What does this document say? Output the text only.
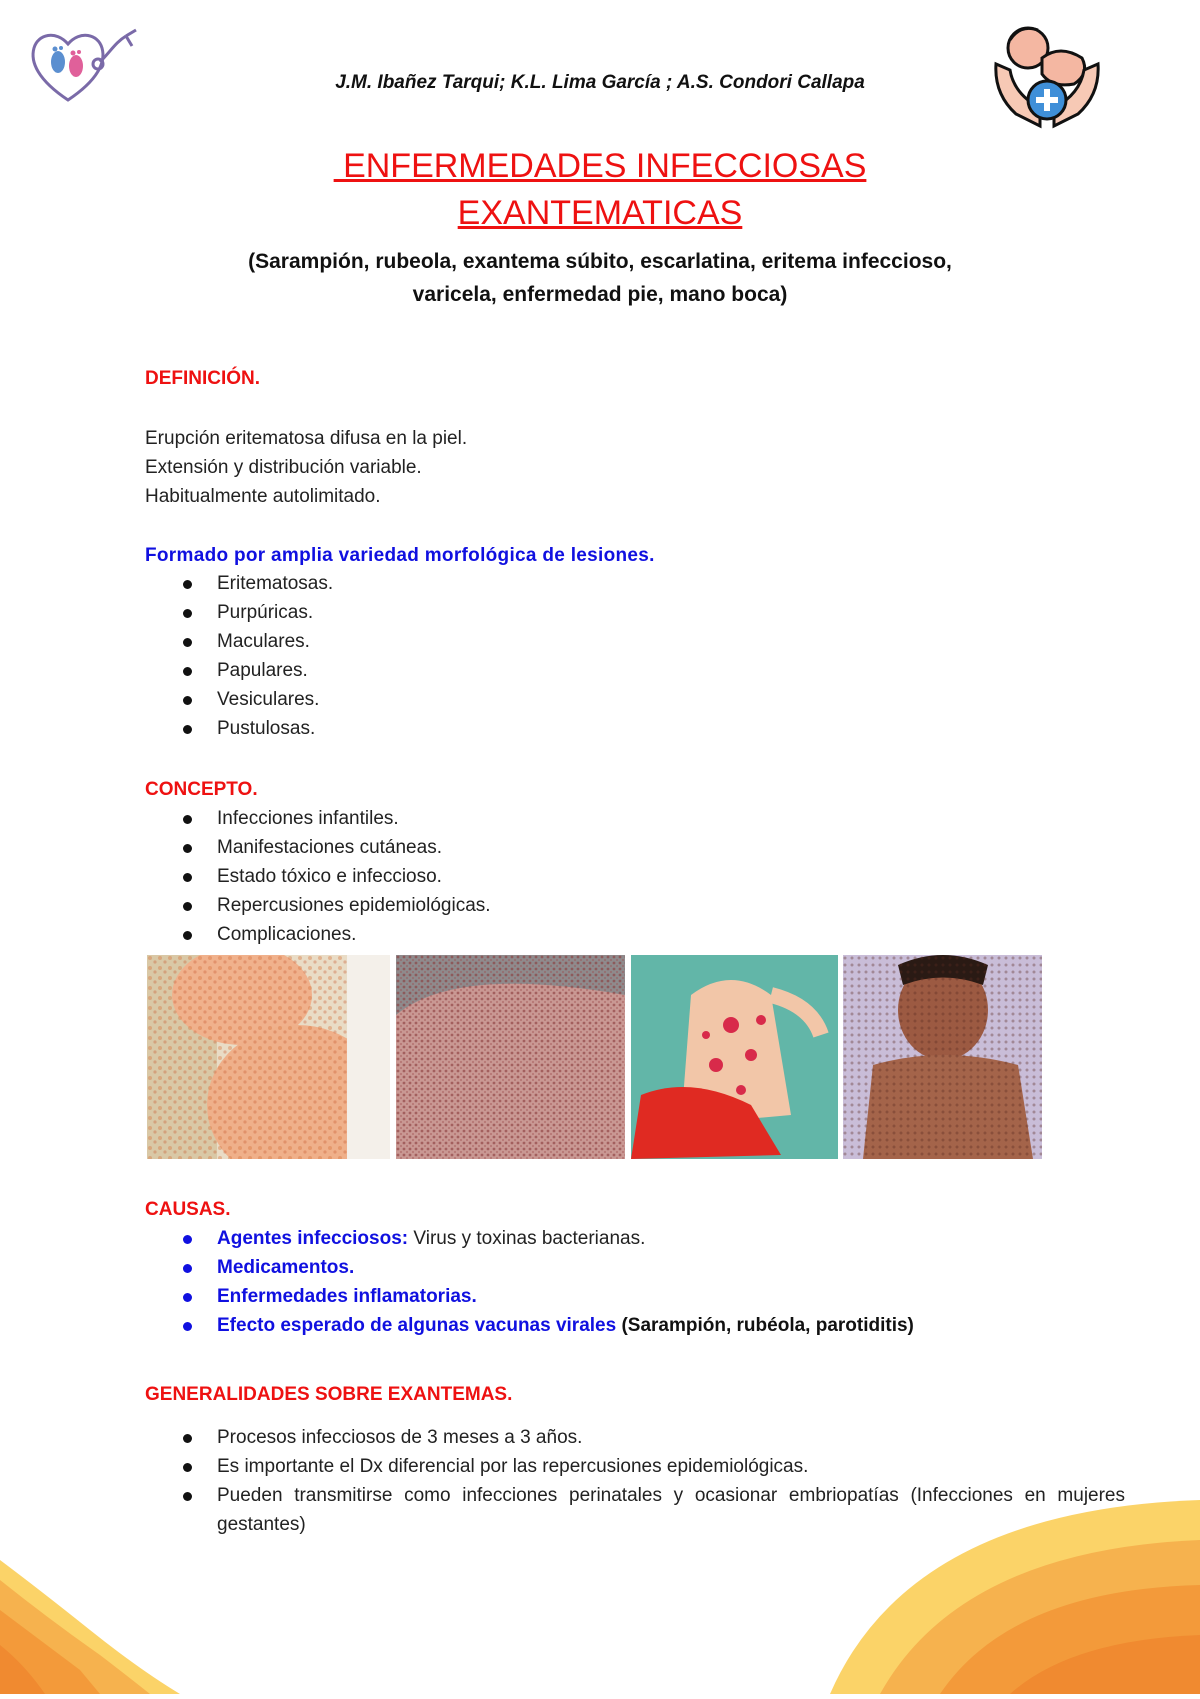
J.M. Ibañez Tarqui; K.L. Lima García ; A.S. Condori Callapa
ENFERMEDADES INFECCIOSAS
EXANTEMATICAS
(Sarampión, rubeola, exantema súbito, escarlatina, eritema infeccioso,
varicela, enfermedad pie, mano boca)
DEFINICIÓN.
Erupción eritematosa difusa en la piel.
Extensión y distribución variable.
Habitualmente autolimitado.
Formado por amplia variedad morfológica de lesiones.
Eritematosas.
Purpúricas.
Maculares.
Papulares.
Vesiculares.
Pustulosas.
CONCEPTO.
Infecciones infantiles.
Manifestaciones cutáneas.
Estado tóxico e infeccioso.
Repercusiones epidemiológicas.
Complicaciones.
CAUSAS.
Agentes infecciosos: Virus y toxinas bacterianas.
Medicamentos.
Enfermedades inflamatorias.
Efecto esperado de algunas vacunas virales (Sarampión, rubéola, parotiditis)
GENERALIDADES SOBRE EXANTEMAS.
Procesos infecciosos de 3 meses a 3 años.
Es importante el Dx diferencial por las repercusiones epidemiológicas.
Pueden transmitirse como infecciones perinatales y ocasionar embriopatías (Infecciones en mujeres gestantes)
